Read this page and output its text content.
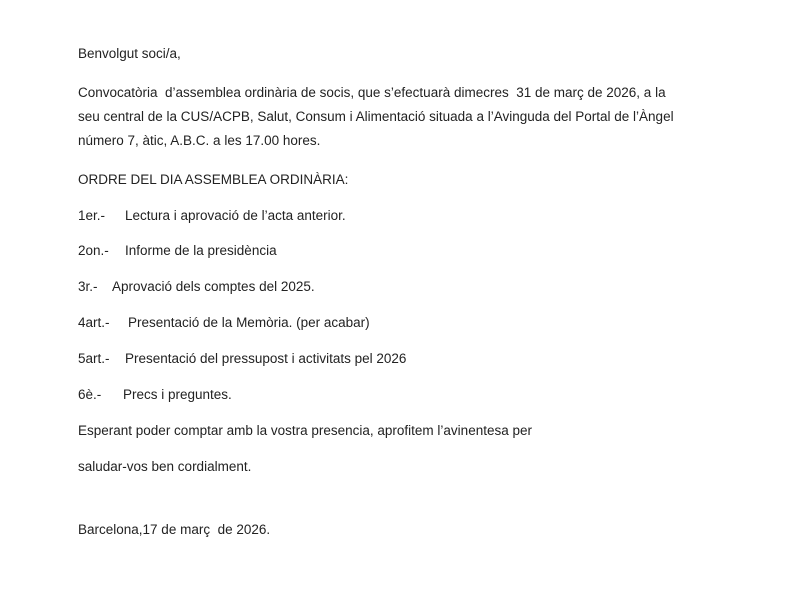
Benvolgut soci/a,

Convocatòria  d’assemblea ordinària de socis, que s’efectuarà dimecres  31 de març de 2026, a la

seu central de la CUS/ACPB, Salut, Consum i Alimentació situada a l’Avinguda del Portal de l’Àngel

número 7, àtic, A.B.C. a les 17.00 hores.

ORDRE DEL DIA ASSEMBLEA ORDINÀRIA:

1er.- Lectura i aprovació de l’acta anterior.

2on.- Informe de la presidència

3r.- Aprovació dels comptes del 2025.

4art.- Presentació de la Memòria. (per acabar)

5art.- Presentació del pressupost i activitats pel 2026

6è.- Precs i preguntes.

Esperant poder comptar amb la vostra presencia, aprofitem l’avinentesa per

saludar-vos ben cordialment.

Barcelona,17 de març  de 2026.
